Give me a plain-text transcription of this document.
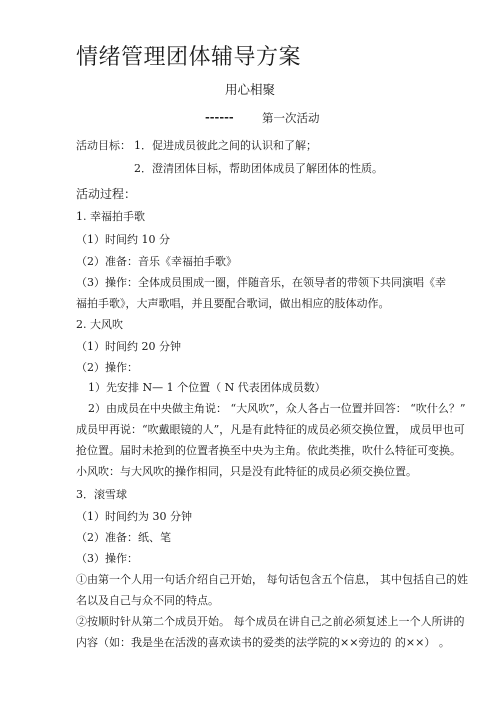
情绪管理团体辅导方案
用心相聚
------ 第一次活动
活动目标： 1．促进成员彼此之间的认识和了解；
2．澄清团体目标，帮助团体成员了解团体的性质。
活动过程：
1. 幸福拍手歌
（1）时间约 10 分
（2）准备：音乐《幸福拍手歌》
（3）操作：全体成员围成一圈，伴随音乐，在领导者的带领下共同演唱《幸
福拍手歌》，大声歌唱，并且要配合歌词，做出相应的肢体动作。
2. 大风吹
（1）时间约 20 分钟
（2）操作：
1）先安排 N— 1 个位置（ N 代表团体成员数）
2）由成员在中央做主角说： “大风吹”，众人各占一位置并回答： “吹什么？”
成员甲再说：“吹戴眼镜的人”，凡是有此特征的成员必须交换位置， 成员甲也可
抢位置。届时未抢到的位置者换至中央为主角。依此类推，吹什么特征可变换。
小风吹：与大风吹的操作相同，只是没有此特征的成员必须交换位置。
3．滚雪球
（1）时间约为 30 分钟
（2）准备：纸、笔
（3）操作：
①由第一个人用一句话介绍自己开始， 每句话包含五个信息， 其中包括自己的姓
名以及自己与众不同的特点。
②按顺时针从第二个成员开始。 每个成员在讲自己之前必须复述上一个人所讲的
内容（如：我是坐在活泼的喜欢读书的爱类的法学院的××旁边的 的××） 。
